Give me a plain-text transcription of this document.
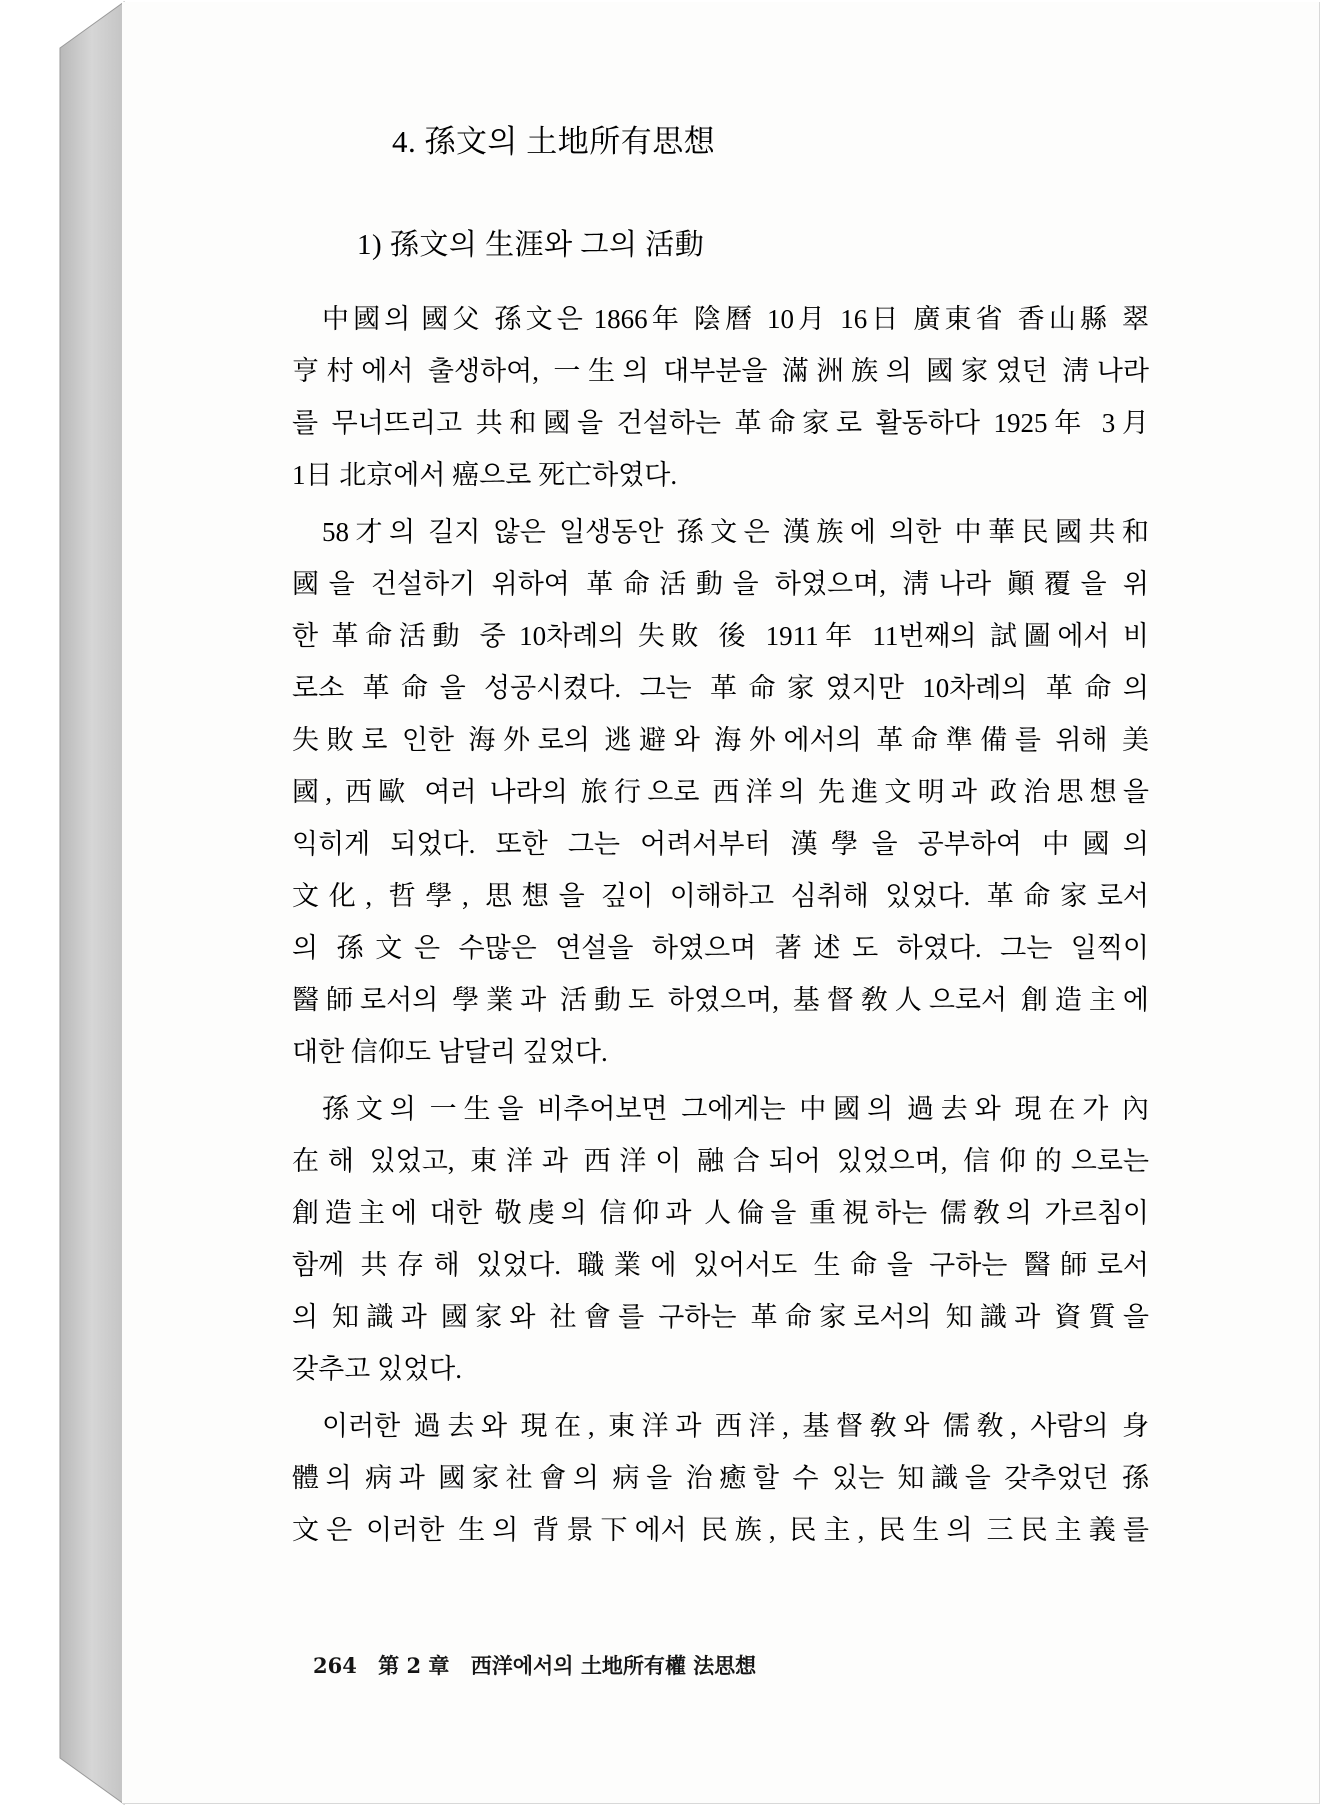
4. 孫文의 土地所有思想
1) 孫文의 生涯와 그의 活動
中國의 國父 孫文은 1866年 陰曆 10月 16日 廣東省 香山縣 翠
亨村에서 출생하여, 一生의 대부분을 滿洲族의 國家였던 淸나라
를 무너뜨리고 共和國을 건설하는 革命家로 활동하다 1925年 3月
1日 北京에서 癌으로 死亡하였다.
58才의 길지 않은 일생동안 孫文은 漢族에 의한 中華民國共和
國을 건설하기 위하여 革命活動을 하였으며, 淸나라 顚覆을 위
한 革命活動 중 10차례의 失敗 後 1911年 11번째의 試圖에서 비
로소 革命을 성공시켰다. 그는 革命家였지만 10차례의 革命의
失敗로 인한 海外로의 逃避와 海外에서의 革命準備를 위해 美
國, 西歐 여러 나라의 旅行으로 西洋의 先進文明과 政治思想을
익히게 되었다. 또한 그는 어려서부터 漢學을 공부하여 中國의
文化, 哲學, 思想을 깊이 이해하고 심취해 있었다. 革命家로서
의 孫文은 수많은 연설을 하였으며 著述도 하였다. 그는 일찍이
醫師로서의 學業과 活動도 하였으며, 基督敎人으로서 創造主에
대한 信仰도 남달리 깊었다.
孫文의 一生을 비추어보면 그에게는 中國의 過去와 現在가 內
在해 있었고, 東洋과 西洋이 融合되어 있었으며, 信仰的으로는
創造主에 대한 敬虔의 信仰과 人倫을 重視하는 儒敎의 가르침이
함께 共存해 있었다. 職業에 있어서도 生命을 구하는 醫師로서
의 知識과 國家와 社會를 구하는 革命家로서의 知識과 資質을
갖추고 있었다.
이러한 過去와 現在, 東洋과 西洋, 基督敎와 儒敎, 사람의 身
體의 病과 國家社會의 病을 治癒할 수 있는 知識을 갖추었던 孫
文은 이러한 生의 背景下에서 民族, 民主, 民生의 三民主義를
264 第 2 章 西洋에서의 土地所有權 法思想
